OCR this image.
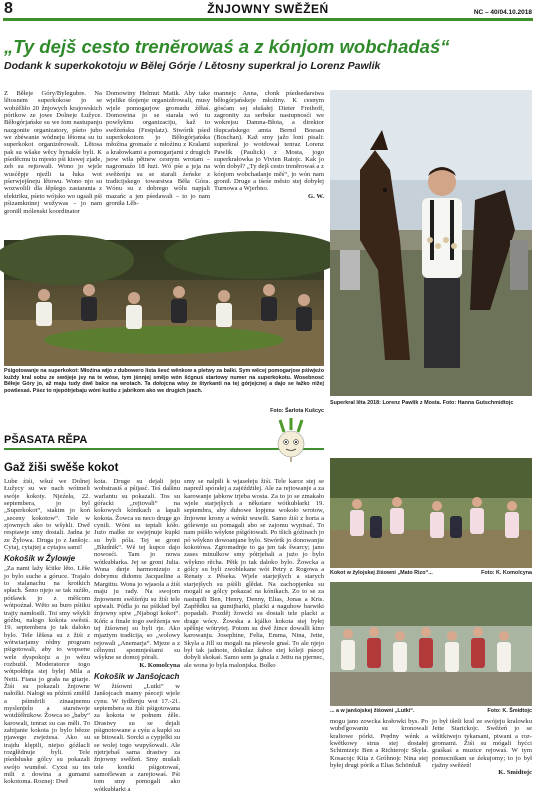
8	ŽNJOWNY SWĚŽEŃ	NC – 40/04.10.2018
„Ty dejš cesto trenĕrowaś a z kónjom wobchadaś“
Dodank k superkokotoju w Bĕlej Górje / Lětosny superkral jo Lorenz Pawlik
Z Běłeje Góry/Bylegubre. Na lětosnem superkokose jo se wobźěliło 20 žnjowych krajowskich pórikow ze jowe Dolnejе Łužyce. Běłogórjańske su we tom nastupanju nazgonite organizatory, pśeto jubo we zbéwanie wódneju lětoma su tu superkokot organizěrowali. Lětosa pak su wšake wěcy hynakše byli. K pśeděcmu tu mjesto pśi kiswej zjade, zeb su rejtowali. Wono jo wjele wusćěpje njeźli ta łuka wot pśerwjejšneju lětowu. Wono njo su wozwolili dla łěpšego zastarania z elektriku, pśeto wójsko wo ugsali pśi pśizamkninej wužywas – jo nam groniłl mólenski koordinator
Domowiny Helmut Matik. Aby take wjelike tšojenje organizěrowali, musy wjele pomogarjow gromadu źěłaś. Domowina jo se starała wó tu powšyknu organizaciju, kaž to swěźeńsku (Festplatz). Stwórtk pśed superkokotom jo Běłogórjańska młoźina gromaźe z młoźinu z Kralami a krałowkami a pomogarjami z drugich jsow wiła pětnew cesnym wrotam – nagromaźo 18 łuzi. Wó pśe a jeja na swěźeńju su se starali źeńske z tradicijskego towarstwa Běła Góra. Wónu su z dobrego wólu napjali mazańc a jen pśedawali – to jo nam groniła Lěh-
mannejc Anna, cłonk pśedsedarstwa běłogórjańskeje młoźiny. K cesnym gósćam sej słušałej Dieter Freihoff, zagronity za serbske nastupnosći we wokrejsu Damna-Błota, a direktor tšupcańskego amta Bernd Boesan (Boschan). Kaž smy jažo loni pisali: superkral jo wotdował tenraz Lorenz Pawlik (Paulick) z Mosta, jogo superkrałowka jo Vivien Ratojc. Kak jo wón dobył? „Ty dejš cesto trenĕrowaś a z kónjom wobchadanje měś“, jo wón nam gronił. Druge a tśeśe město stej dobyłej Turnowa a Wjerbno.
G. W.
Pśigotowanje na superkokot: Młoźina wijo z duboweго lista šesć wěnkow a pletwy za balki. Sym wěcej pomogarjow pśiwjeźo kuždy kral sobu ze swójeje jsy na te wóse, tym jśnnjej smějo wón šćgnuś startowy numer na superkokotu. Wosebnosć Běłeje Góry jo, až maju tudy dwě balce na wrotach. Ta dołojcna wisy źe štyrkanti na tej górjejcnej a dajo se łažko nižej powšesaś. Pśez to njepótrjebaju wóni kutšu z jabrikom ako we drugich jsach.
Foto: Šarlota Kušcyc
Superkral lěta 2018: Lorenz Pawlik z Mosta. Foto: Hanna Gutschmidtojc
PŠASATA RĚPA
Gaž žiši swěše kokot
Lube źiśi, wšuź we Dolnej Łužycy su we nach wótmeli swóje kokoty. Njeźeła, 22. septembera, jo byl „Superkokot“, stakim jo koń „seceny kokotow“. Tele w zjownych ako to wšykli. Dwě respiawje smy dostali. Jadna je ze Žylowa. Druga jo z Janšojc. Cytaj, cytajtej a cytajos sami!
Kokošik w Žylowje
„Za nami lažy šćiike lěto. Lěše jo bylo suche a góruce. Trajalo to stalanachu na krotkich spłach. Šeno njejo se tak raźiło, pótšawk jo z měšcom wótpoźnał. Wěto su buro pśitku trajiy namłosili. Toi smy wšykli góźbu, nalogo kokota swěsiś. 19. septembera jo tak daloko bylo. Tele lěšesa su z žiśi z wótwiarjamy rédny program pśigotowali, aby to wopsene wele dyspokoju a jo wězu rozbuźił. Moderatorce togo wótpołdnja stej bylej Mila a Netti. Fiana jo grała na gitarje. Žiśi su pokazali žnjowne nałožki. Nałogi su późniś změlil a pśiměrili zinaajnemu myslenjelu a starstwoje wotdźěłnikow. Žowca so „baby“ karowali, tenraz su cas měli. To zabijanie kokota jo bylo běeze pjawego zwjeżesa. Ako su trajdu klępili, niejso góźłacli rozgłědnuje byli. Tele pśedsłuske gólcy su pokazali swójo wuměsé. Cyxsi su tes mili z dowina a gumami kokotoma. Roznej: Dwě
kota. Druge su dejali jeju wobstrasiś a pśijasć. Teś dalšnu warlantu su pokazali. Tos su góŕacki „rejtovali“ na kokowych kónikach a lapali kokota. Žowca su neco druge go cynili. Wóni su teptali kóło. Jużo malke ze swjejnuje kupki su byli póla. Tej se groni „Bludnik“. Wé tej kupce dajo nowosći. Tam jo nowa wótkubłarka. Jej se groni Julia. Wona derje harmonizujo z dobrymu didomu Jacqueline a Margittu. Wona jo wjasola a źiśi maju ju rady. Na swojom žnjownem swěźeńju su žiśi tele spiwali. Póđla jo na pśikład był žnjowny spiw „Njabogi kokot“. Kóńc a finale togo swěźenja we tej žiśownej su byli rje. Ako mjaztym tradicija, so „wolowy rejowali „Anemarja“. Mjeze a z cělnymi spomnjeśiami su wšykne se domoj pórali.
K. Komolcyna
Kokošik w Janšojcach
W žiśowni „Lutki“ w Janšojcach mamy pśeceji wjele cynu. W tydženju wot 17.-21. septembera su žiśi pśigotowana za kokota w połnem źěle. Drastwy su se dejali pśignotowane a cyśu a kupki su se bitowali. Sorcki a cypjelki su se wolej togo wupyšowali. Ale njetrjebaš sama drastwy za žnjowny swěžeń. Smy mušali tele koniki pśigotowaś, samoflewan a zarejtowaś. Pśi tom smy pomogali ako wótkubłarki a
smy se nalpili k wjasełeju žiśi. Tele karce stej se napreźl spórałej a zajėźdżiłej. Ale za rejtowanje a za karowanje jabkow trjeba wosta. Za to jo se zmakało wjele starjejšych a někotare wótkubłarki 19. septembra, aby dubowe lopjena wokoło wrotow, žnjowne krony a wénki wuwili. Samo źiśi z horta a gólewnje su pomagali abo se zajomu wypisać. To nam pśišło wšykne pśigótowali. Po tšich góźinach jo pó wšykno dowoanjane bylo. Stwórtk jo donowanjie kokotówa. Zgromadnje to ga jen tak šwarcy; jano zases minulkow smy pótrjebali a jużo jo bylo wšykno rěcha. Pětk jo tak daloko bylo. Žowcka a gólcy su byli zwoblekane wót Petry z Rogowa a Renaty z Pěseka. Wjele starjejšych a starych starjejšych su pśišli glědat. Na zachopjenku su mogali se gólcy pokazać na kónikach. Zo to se za nastupili Ben, Henry, Denny, Elias, Jonas a Kris. Zapřědku sa gumijbarki, placki a naguhow barwiki popadali. Pozděj žowcki su dostali tele placki a drage wócy. Žowska a kjálko kokota stej byłej spěšnje wótrytej. Potom su dwě žince dowalli kino karowanju. Josephine, Felia, Emma, Nina, Jette, Skyla a Jill su mogali na pšewole gnaś. To ale njejo był tak jadnote, dokulaz žabce stej kóleji pśecej dobyli skokaś. Samo sem ja gnala z Jettu na pjernec, ale wona jo byla malonjska. Bolko
Kokot w žylojskej žiśowni „Mato Rizo“...	Foto: K. Komolcyna
... a w janšojskej žiśowni „Lutki“.	Foto: K. Šmidtojc
mogu jano zowcka krałowki bys. Po wubďgowaniu su kronowali kraliowe pórki. Prędny wénk a kwětkowy strus stej dostałej Schimtzejc Ben a Richterojc Skyla. Kosacojc Kita z Gróhnojc Nina stej byłej drugi pórik a Elias Schönfuß
jo był tšeši kral ze swójeju kralowku Jette Starickojc. Swěźeń jo se wšitkiwejo tykarsani, piwani a roz- gromami. Žiśi su mógali hyćci graśkaś a muzice rejowaś. W tym pomocnikam se źekujomy; to jo był rjažny swěźeń!
K. Smidtojc
